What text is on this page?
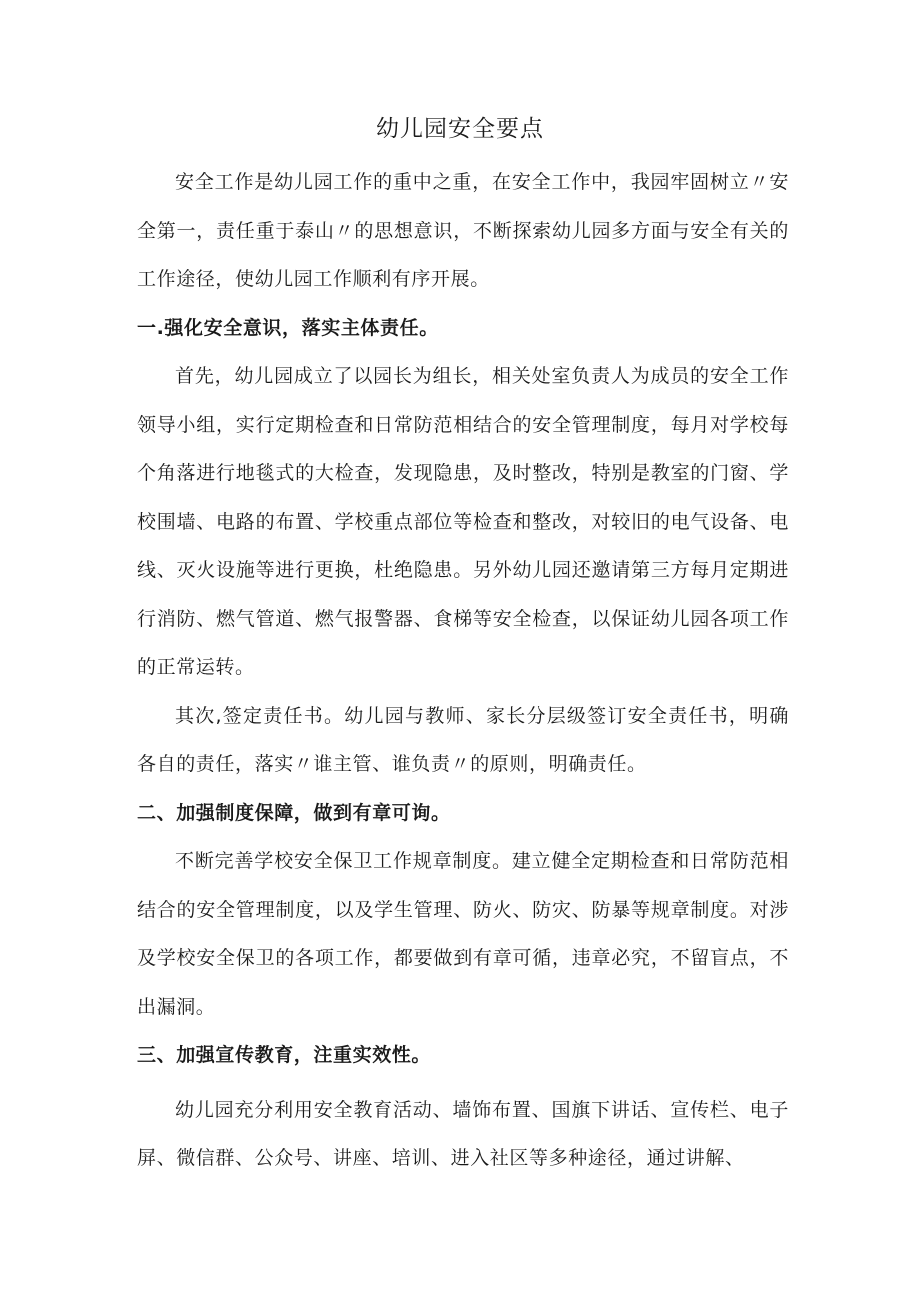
幼儿园安全要点

安全工作是幼儿园工作的重中之重，在安全工作中，我园牢固树立〃安全第一，责任重于泰山〃的思想意识，不断探索幼儿园多方面与安全有关的工作途径，使幼儿园工作顺利有序开展。

一.强化安全意识，落实主体责任。

首先，幼儿园成立了以园长为组长，相关处室负责人为成员的安全工作领导小组，实行定期检查和日常防范相结合的安全管理制度，每月对学校每个角落进行地毯式的大检查，发现隐患，及时整改，特别是教室的门窗、学校围墙、电路的布置、学校重点部位等检查和整改，对较旧的电气设备、电线、灭火设施等进行更换，杜绝隐患。另外幼儿园还邀请第三方每月定期进行消防、燃气管道、燃气报警器、食梯等安全检查，以保证幼儿园各项工作的正常运转。

其次,签定责任书。幼儿园与教师、家长分层级签订安全责任书，明确各自的责任，落实〃谁主管、谁负责〃的原则，明确责任。

二、加强制度保障，做到有章可询。

不断完善学校安全保卫工作规章制度。建立健全定期检查和日常防范相结合的安全管理制度，以及学生管理、防火、防灾、防暴等规章制度。对涉及学校安全保卫的各项工作，都要做到有章可循，违章必究，不留盲点，不出漏洞。

三、加强宣传教育，注重实效性。

幼儿园充分利用安全教育活动、墙饰布置、国旗下讲话、宣传栏、电子屏、微信群、公众号、讲座、培训、进入社区等多种途径，通过讲解、
